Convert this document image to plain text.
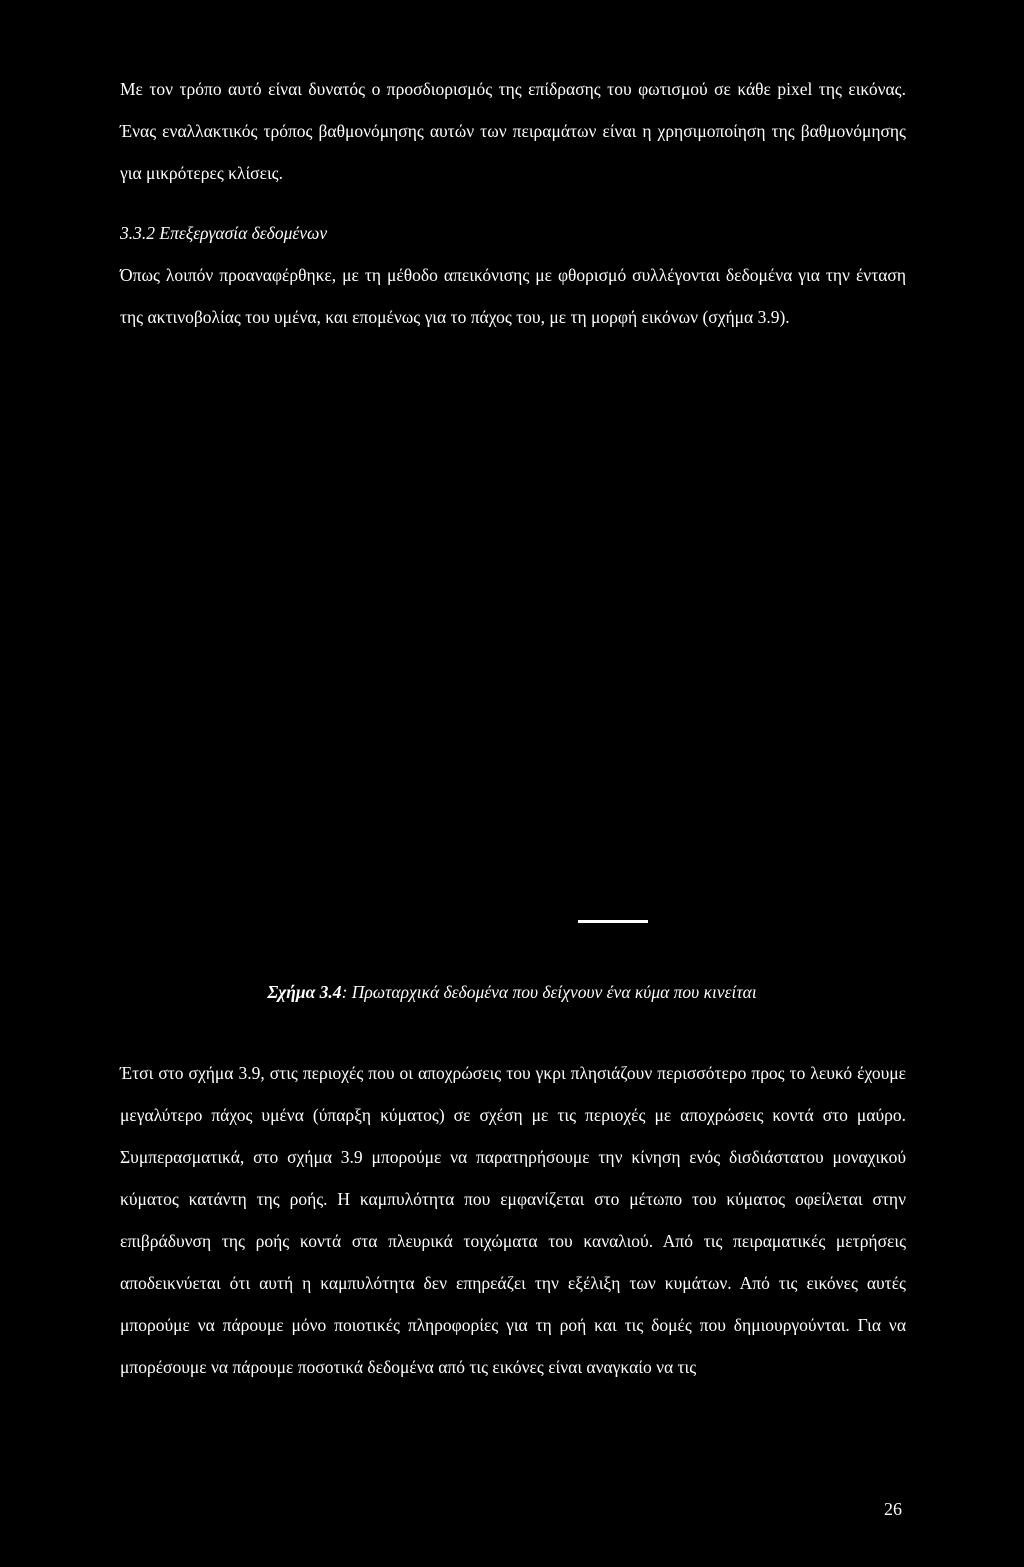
Με τον τρόπο αυτό είναι δυνατός ο προσδιορισμός της επίδρασης του φωτισμού σε κάθε pixel της εικόνας. Ένας εναλλακτικός τρόπος βαθμονόμησης αυτών των πειραμάτων είναι η χρησιμοποίηση της βαθμονόμησης για μικρότερες κλίσεις.

3.3.2 Επεξεργασία δεδομένων

Όπως λοιπόν προαναφέρθηκε, με τη μέθοδο απεικόνισης με φθορισμό συλλέγονται δεδομένα για την ένταση της ακτινοβολίας του υμένα, και επομένως για το πάχος του, με τη μορφή εικόνων (σχήμα 3.9).

Σχήμα 3.4: Πρωταρχικά δεδομένα που δείχνουν ένα κύμα που κινείται

Έτσι στο σχήμα 3.9, στις περιοχές που οι αποχρώσεις του γκρι πλησιάζουν περισσότερο προς το λευκό έχουμε μεγαλύτερο πάχος υμένα (ύπαρξη κύματος) σε σχέση με τις περιοχές με αποχρώσεις κοντά στο μαύρο. Συμπερασματικά, στο σχήμα 3.9 μπορούμε να παρατηρήσουμε την κίνηση ενός δισδιάστατου μοναχικού κύματος κατάντη της ροής. Η καμπυλότητα που εμφανίζεται στο μέτωπο του κύματος οφείλεται στην επιβράδυνση της ροής κοντά στα πλευρικά τοιχώματα του καναλιού. Από τις πειραματικές μετρήσεις αποδεικνύεται ότι αυτή η καμπυλότητα δεν επηρεάζει την εξέλιξη των κυμάτων. Από τις εικόνες αυτές μπορούμε να πάρουμε μόνο ποιοτικές πληροφορίες για τη ροή και τις δομές που δημιουργούνται. Για να μπορέσουμε να πάρουμε ποσοτικά δεδομένα από τις εικόνες είναι αναγκαίο να τις

26
